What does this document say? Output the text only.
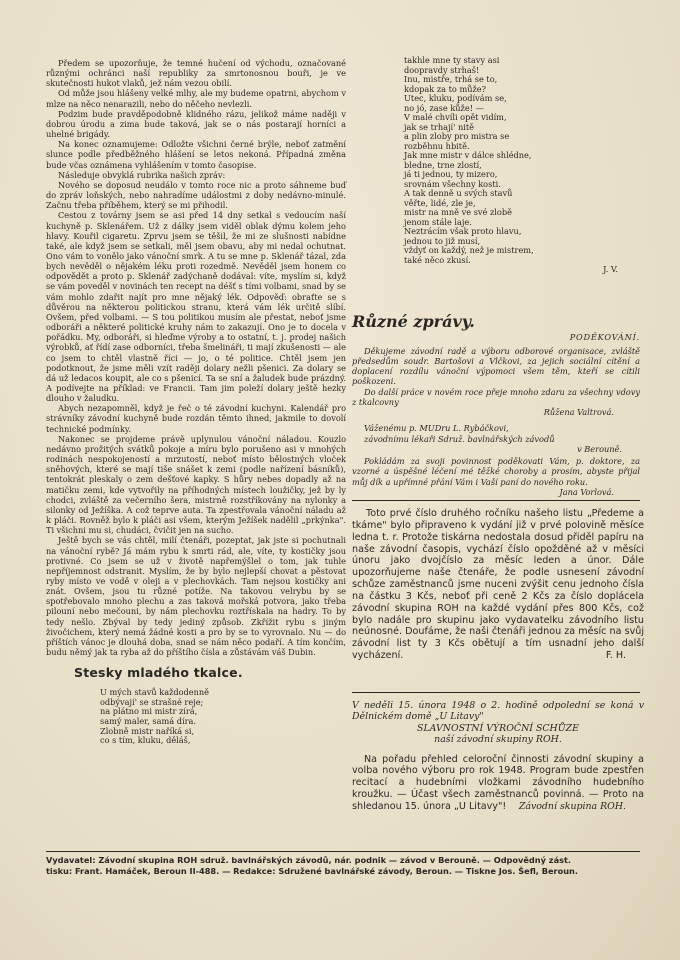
Předem se upozorňuje, že temné hučení od východu, označované různými ochránci naší republiky za smrtonosnou bouři, je ve skutečnosti hukot vlaků, jež nám vezou obilí.

Od může jsou hlášeny velké mlhy, ale my budeme opatrni, abychom v mlze na něco nenarazili, nebo do něčeho nevlezli.

Podzim bude pravděpodobně klidného rázu, jelikož máme naději v dobrou úrodu a zima bude taková, jak se o nás postarají horníci a uhelné brigády.

Na konec oznamujeme: Odložte všichni černé brýle, neboť zatmění slunce podle předběžného hlášení se letos nekoná. Případná změna bude včas oznámena vyhlášením v tomto časopise.

Následuje obvyklá rubrika našich zpráv:

Nového se doposud neudálo v tomto roce nic a proto sáhneme buď do zpráv loňských, nebo nahradíme událostmi z doby nedávno-minulé. Začnu třeba příběhem, který se mi přihodil.

Cestou z továrny jsem se asi před 14 dny setkal s vedoucím naší kuchyně p. Sklenářem. Už z dálky jsem viděl oblak dýmu kolem jeho hlavy. Kouřil cigaretu. Zprvu jsem se těšil, že mi ze slušnosti nabídne také, ale když jsem se setkali, měl jsem obavu, aby mi nedal ochutnat. Ono vám to vonělo jako vánoční smrk. A tu se mne p. Sklenář tázal, zda bych nevěděl o nějakém léku proti rozedmě. Nevěděl jsem honem co odpovědět a proto p. Sklenář zadýchaně dodával: víte, myslím si, když se vám poveděl v novinách ten recept na déšť s tími volbami, snad by se vám mohlo zdařit najít pro mne nějaký lék. Odpověď: obraťte se s důvěrou na některou politickou stranu, která vám lék určitě slíbí. Ovšem, před volbami. — S tou politikou musím ale přestat, neboť jsme odboráři a některé politické kruhy nám to zakazují. Ono je to docela v pořádku. My, odboráři, si hleďme výroby a to ostatní, t. j. prodej našich výrobků, ať řídí zase odborníci, třeba šmelináři, ti mají zkušenosti — ale co jsem to chtěl vlastně říci — jo, o té politice. Chtěl jsem jen podotknout, že jsme měli vzít raději dolary nežli pšenici. Za dolary se dá už ledacos koupit, ale co s pšenicí. Ta se sní a žaludek bude prázdný. A podívejte na příklad: ve Francii. Tam jim poleží dolary ještě hezky dlouho v žaludku.

Abych nezapomněl, když je řeč o té závodní kuchyni. Kalendář pro strávníky závodní kuchyně bude rozdán těmto ihned, jakmile to dovolí technické podmínky.

Nakonec se projdeme právě uplynulou vánoční náladou. Kouzlo nedávno prožitých svátků pokoje a míru bylo porušeno asi v mnohých rodinách nespokojeností a mrzutostí, neboť místo bělostných vloček sněhových, které se mají tiše snášet k zemi (podle nařízení básníků), tentokrát pleskaly o zem dešťové kapky. S hůry nebes dopadly až na matičku zemi, kde vytvořily na příhodných místech loužičky, jež by ly chodci, zvláště za večerního šera, mistrně rozstříkovány na nylonky a silonky od Ježíška. A což teprve auta. Ta zpestřovala vánoční náladu až k pláči. Rovněž bylo k pláči asi všem, kterým Ježíšek nadělil „prkýnka". Ti všichni mu si, chudáci, čvičit jen na sucho.

Ještě bych se vás chtěl, milí čtenáři, pozeptat, jak jste si pochutnali na vánoční rybě? Já mám rybu k smrti rád, ale, víte, ty kostičky jsou protivné. Co jsem se už v životě napřemýšlel o tom, jak tuhle nepříjemnost odstranit. Myslím, že by bylo nejlepší chovat a pěstovat ryby místo ve vodě v oleji a v plechovkách. Tam nejsou kostičky ani znát. Ovšem, jsou tu různé potíže. Na takovou velrybu by se spotřebovalo mnoho plechu a zas taková mořská potvora, jako třeba pilouní nebo mečouni, by nám plechovku roztřískala na hadry. To by tedy nešlo. Zbýval by tedy jediný způsob. Zkřížit rybu s jiným živočichem, který nemá žádné kosti a pro by se to vyrovnalo. Nu — do příštích vánoc je dlouhá doba, snad se nám něco podaří. A tím končím, budu němý jak ta ryba až do příštího čísla a zůstávám váš Dubin.

Stesky mladého tkalce.
U mých stavů každodenně
odbývají' se strašné reje;
na plátno mi mistr zírá,
samý maler, samá díra.
Zlobně mistr naříká si,
co s tím, kluku, děláš,
takhle mne ty stavy asi
doopravdy strhaš!
Inu, mistře, trhá se to,
kdopak za to může?
Utec, kluku, podívám se,
no jó, zase kůže! —
V malé chvíli opět vidím,
jak se trhají' nitě
a plin zloby pro mistra se
rozběhnu hbitě.
Jak mne mistr v dálce shlédne,
bledne, trne zlostí,
já ti jednou, ty mizero,
srovnám všechny kosti.
A tak denně u svých stavů
věřte, lidé, zle je,
mistr na mně ve své zlobě
jenom stále laje.
Neztrácím však proto hlavu,
jednou to již musí,
vždyť on každý, než je mistrem,
také něco zkusí.
J. V.
Různé zprávy.
PODĚKOVÁNÍ.

Děkujeme závodní radě a výboru odborové organisace, zvláště předsedům soudr. Bartošovi a Vlčkovi, za jejich sociální cítění a doplacení rozdílu vánoční výpomoci všem těm, kteří se cítili poškozeni.

Do další práce v novém roce přeje mnoho zdaru za všechny vdovy z tkalcovny

Růžena Valtrová.

Váženému p. MUDru L. Rybáčkovi,

závodnímu lékaři Sdruž. bavlnářských závodů

v Berouně.

Pokládám za svoji povinnost poděkovati Vám, p. doktore, za vzorné a úspěšné léčení mé těžké choroby a prosím, abyste přijal můj dík a upřímné přání Vám i Vaší paní do nového roku.

Jana Vorlová.

Toto prvé číslo druhého ročníku našeho listu „Předeme a tkáme" bylo připraveno k vydání již v prvé polovině měsíce ledna t. r. Protože tiskárna nedostala dosud přiděl papíru na naše závodní časopis, vychází číslo opožděné až v měsíci únoru jako dvojčíslo za měsíc leden a únor. Dále upozorňujeme naše čtenáře, že podle usnesení závodní schůze zaměstnanců jsme nuceni zvýšit cenu jednoho čísla na částku 3 Kčs, neboť při ceně 2 Kčs za číslo doplácela závodní skupina ROH na každé vydání přes 800 Kčs, což bylo nadále pro skupinu jako vydavatelku závodního listu neúnosné. Doufáme, že naši čtenáři jednou za měsíc na svůj závodní list ty 3 Kčs obětují a tím usnadní jeho další vycházení.	F. H.

V neděli 15. února 1948 o 2. hodině odpolední se koná v Dělnickém domě „U Litavy"

SLAVNOSTNÍ VÝROČNÍ SCHŮZE

naší závodní skupiny ROH.

Na pořadu přehled celoroční činnosti závodní skupiny a volba nového výboru pro rok 1948. Program bude zpestřen recitací a hudebními vložkami závodního hudebního kroužku. — Účast všech zaměstnanců povinná. — Proto na shledanou 15. února „U Litavy"!	Závodní skupina ROH.
Vydavatel: Závodní skupina ROH sdruž. bavlnářských závodů, nár. podnik — závod v Berouně. — Odpovědný zást.
tisku: Frant. Hamáček, Beroun II-488. — Redakce: Sdružené bavlnářské závody, Beroun. — Tiskne Jos. Šefl, Beroun.
